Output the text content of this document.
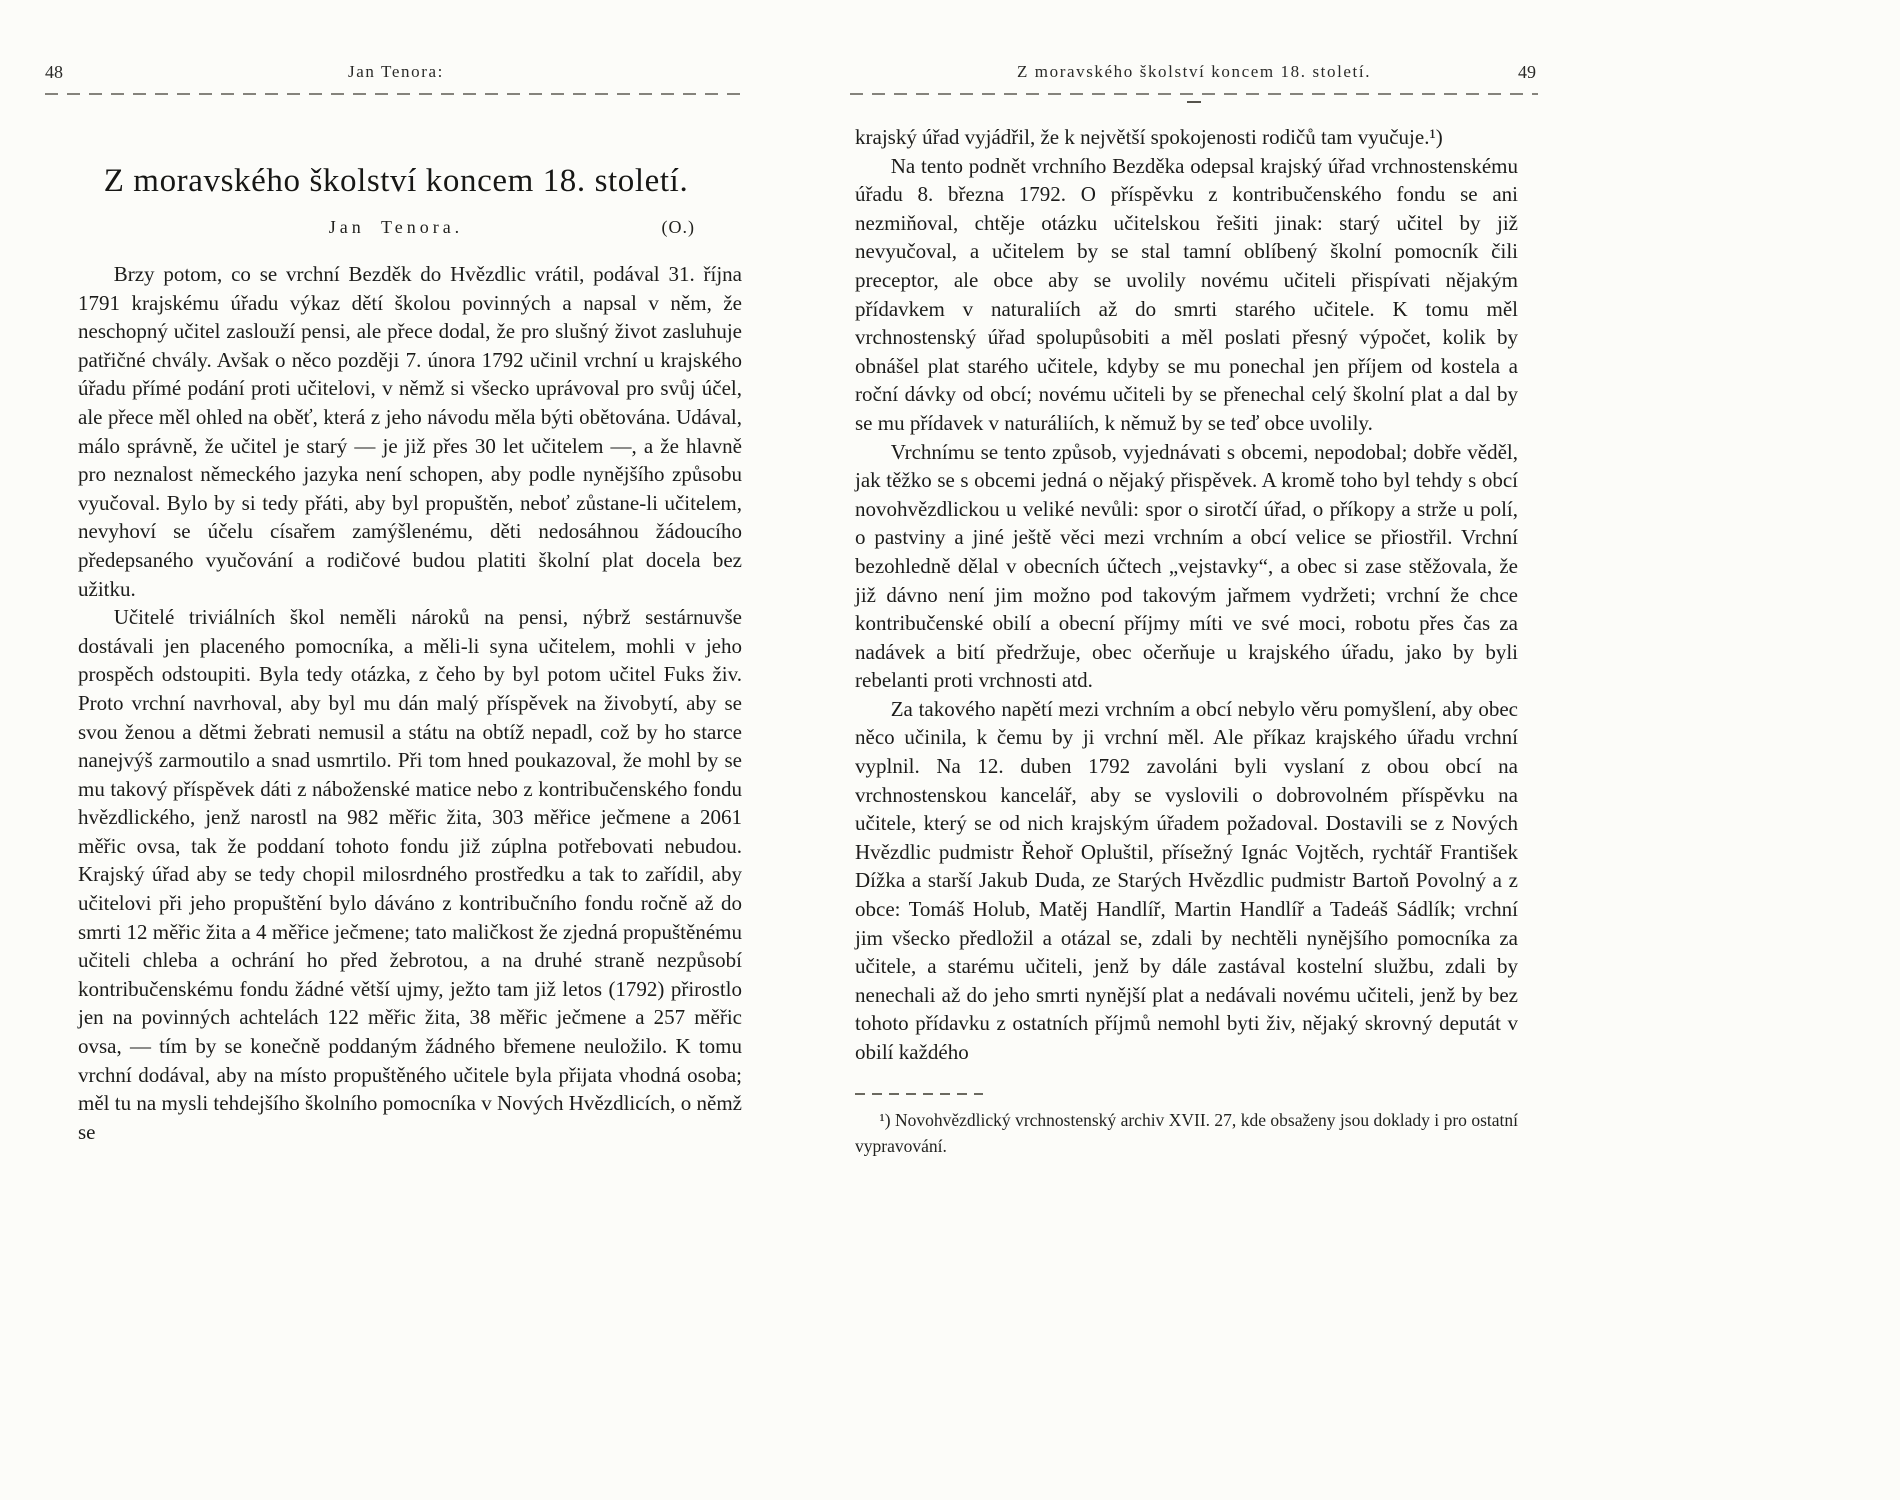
48	Jan Tenora:
Z moravského školství koncem 18. století.
Jan Tenora.	(O.)

Brzy potom, co se vrchní Bezděk do Hvězdlic vrátil, podával 31. října 1791 krajskému úřadu výkaz dětí školou povinných a napsal v něm, že neschopný učitel zaslouží pensi, ale přece dodal, že pro slušný život zasluhuje patřičné chvály. Avšak o něco později 7. února 1792 učinil vrchní u krajského úřadu přímé podání proti učitelovi, v němž si všecko uprávoval pro svůj účel, ale přece měl ohled na oběť, která z jeho návodu měla býti obětována. Udával, málo správně, že učitel je starý — je již přes 30 let učitelem —, a že hlavně pro neznalost německého jazyka není schopen, aby podle nynějšího způsobu vyučoval. Bylo by si tedy přáti, aby byl propuštěn, neboť zůstane-li učitelem, nevyhoví se účelu císařem zamýšlenému, děti nedosáhnou žádoucího předepsaného vyučování a rodičové budou platiti školní plat docela bez užitku.

Učitelé triviálních škol neměli nároků na pensi, nýbrž sestárnuvše dostávali jen placeného pomocníka, a měli-li syna učitelem, mohli v jeho prospěch odstoupiti. Byla tedy otázka, z čeho by byl potom učitel Fuks živ. Proto vrchní navrhoval, aby byl mu dán malý příspěvek na živobytí, aby se svou ženou a dětmi žebrati nemusil a státu na obtíž nepadl, což by ho starce nanejvýš zarmoutilo a snad usmrtilo. Při tom hned poukazoval, že mohl by se mu takový příspěvek dáti z náboženské matice nebo z kontribučenského fondu hvězdlického, jenž narostl na 982 měřic žita, 303 měřice ječmene a 2061 měřic ovsa, tak že poddaní tohoto fondu již zúplna potřebovati nebudou. Krajský úřad aby se tedy chopil milosrdného prostředku a tak to zařídil, aby učitelovi při jeho propuštění bylo dáváno z kontribučního fondu ročně až do smrti 12 měřic žita a 4 měřice ječmene; tato maličkost že zjedná propuštěnému učiteli chleba a ochrání ho před žebrotou, a na druhé straně nezpůsobí kontribučenskému fondu žádné větší ujmy, ježto tam již letos (1792) přirostlo jen na povinných achtelách 122 měřic žita, 38 měřic ječmene a 257 měřic ovsa, — tím by se konečně poddaným žádného břemene neuložilo. K tomu vrchní dodával, aby na místo propuštěného učitele byla přijata vhodná osoba; měl tu na mysli tehdejšího školního pomocníka v Nových Hvězdlicích, o němž se

Z moravského školství koncem 18. století.	49

krajský úřad vyjádřil, že k největší spokojenosti rodičů tam vyučuje.¹)

Na tento podnět vrchního Bezděka odepsal krajský úřad vrchnostenskému úřadu 8. března 1792. O příspěvku z kontribučenského fondu se ani nezmiňoval, chtěje otázku učitelskou řešiti jinak: starý učitel by již nevyučoval, a učitelem by se stal tamní oblíbený školní pomocník čili preceptor, ale obce aby se uvolily novému učiteli přispívati nějakým přídavkem v naturaliích až do smrti starého učitele. K tomu měl vrchnostenský úřad spolupůsobiti a měl poslati přesný výpočet, kolik by obnášel plat starého učitele, kdyby se mu ponechal jen příjem od kostela a roční dávky od obcí; novému učiteli by se přenechal celý školní plat a dal by se mu přídavek v naturáliích, k němuž by se teď obce uvolily.

Vrchnímu se tento způsob, vyjednávati s obcemi, nepodobal; dobře věděl, jak těžko se s obcemi jedná o nějaký přispěvek. A kromě toho byl tehdy s obcí novohvězdlickou u veliké nevůli: spor o sirotčí úřad, o příkopy a strže u polí, o pastviny a jiné ještě věci mezi vrchním a obcí velice se přiostřil. Vrchní bezohledně dělal v obecních účtech „vejstavky“, a obec si zase stěžovala, že již dávno není jim možno pod takovým jařmem vydržeti; vrchní že chce kontribučenské obilí a obecní příjmy míti ve své moci, robotu přes čas za nadávek a bití předržuje, obec očerňuje u krajského úřadu, jako by byli rebelanti proti vrchnosti atd.

Za takového napětí mezi vrchním a obcí nebylo věru pomyšlení, aby obec něco učinila, k čemu by ji vrchní měl. Ale příkaz krajského úřadu vrchní vyplnil. Na 12. duben 1792 zavoláni byli vyslaní z obou obcí na vrchnostenskou kancelář, aby se vyslovili o dobrovolném příspěvku na učitele, který se od nich krajským úřadem požadoval. Dostavili se z Nových Hvězdlic pudmistr Řehoř Opluštil, přísežný Ignác Vojtěch, rychtář František Dížka a starší Jakub Duda, ze Starých Hvězdlic pudmistr Bartoň Povolný a z obce: Tomáš Holub, Matěj Handlíř, Martin Handlíř a Tadeáš Sádlík; vrchní jim všecko předložil a otázal se, zdali by nechtěli nynějšího pomocníka za učitele, a starému učiteli, jenž by dále zastával kostelní službu, zdali by nenechali až do jeho smrti nynější plat a nedávali novému učiteli, jenž by bez tohoto přídavku z ostatních příjmů nemohl byti živ, nějaký skrovný deputát v obilí každého

¹) Novohvězdlický vrchnostenský archiv XVII. 27, kde obsaženy jsou doklady i pro ostatní vypravování.
